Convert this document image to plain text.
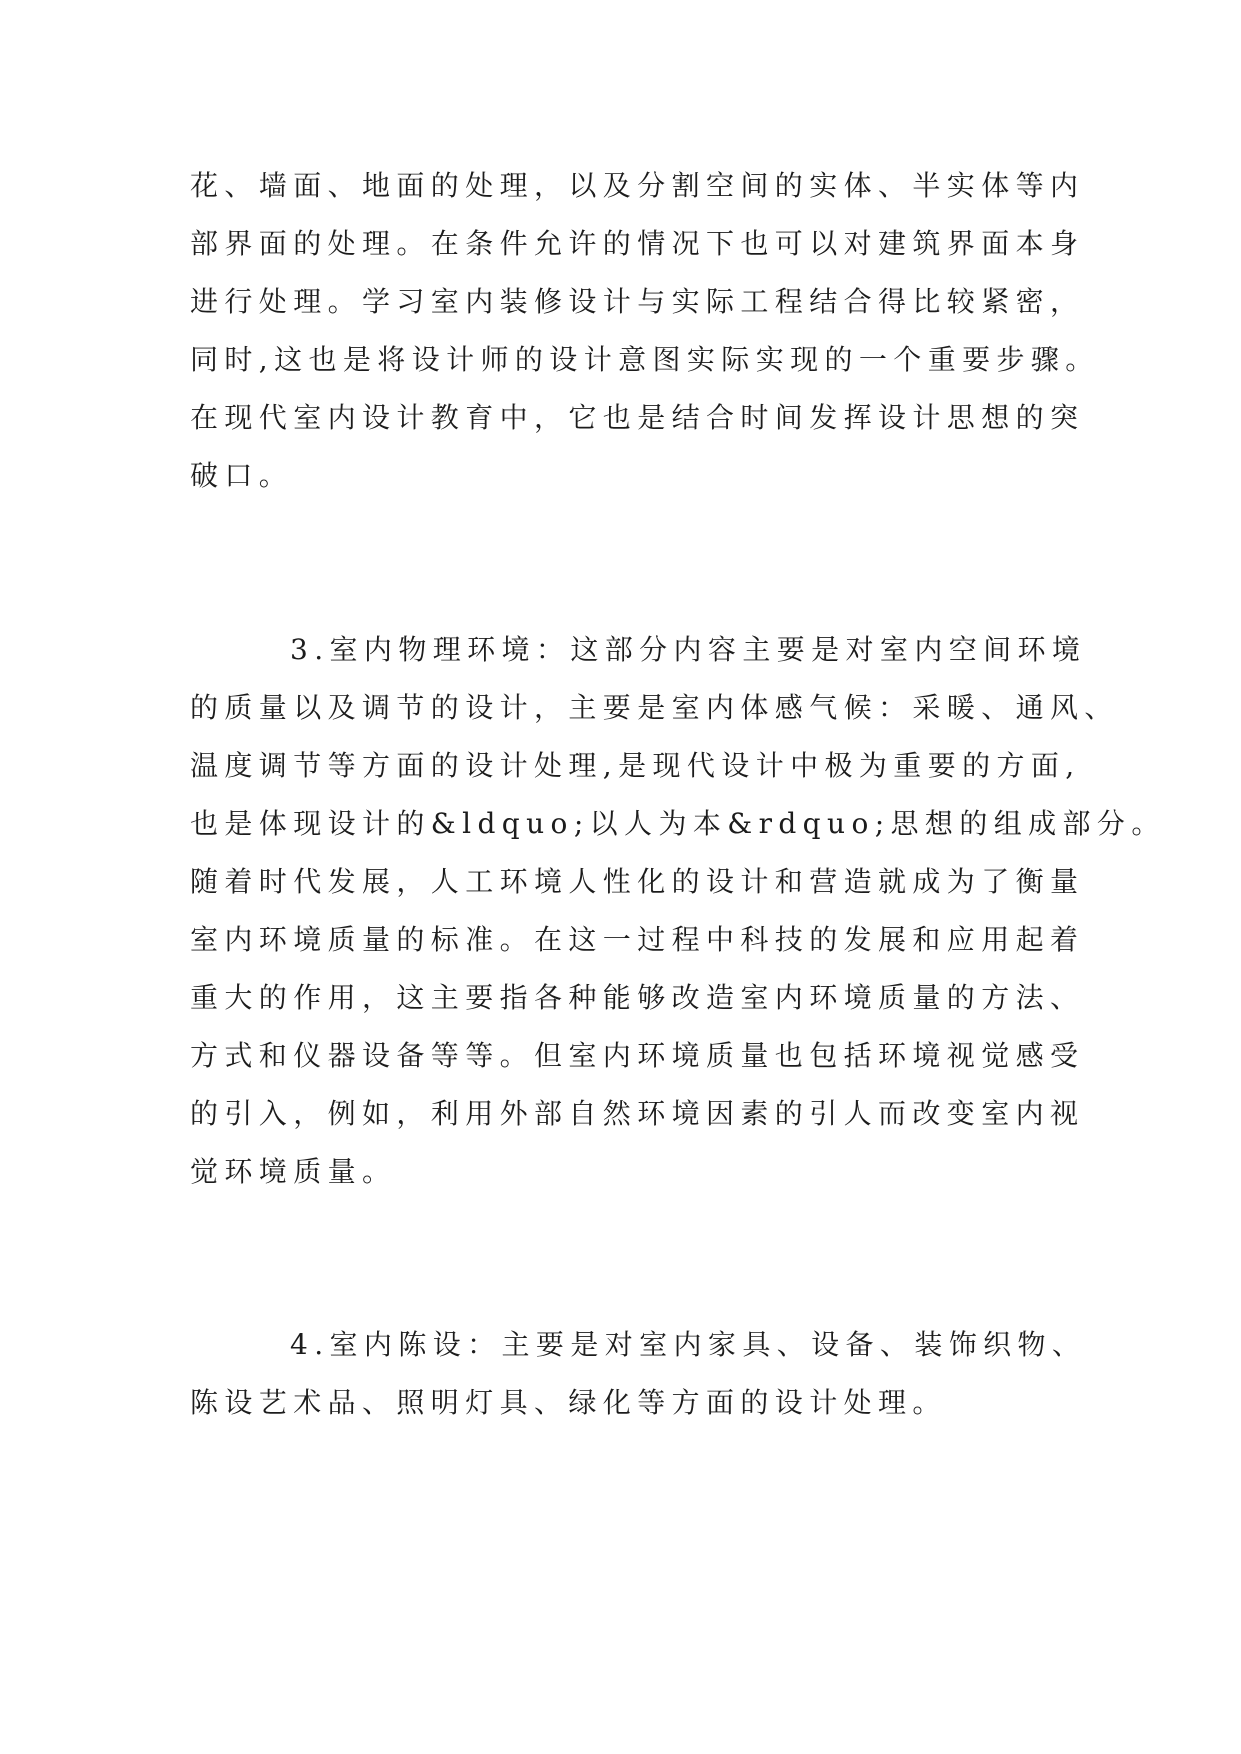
花、墙面、地面的处理，以及分割空间的实体、半实体等内
部界面的处理。在条件允许的情况下也可以对建筑界面本身
进行处理。学习室内装修设计与实际工程结合得比较紧密，
同时,这也是将设计师的设计意图实际实现的一个重要步骤。
在现代室内设计教育中，它也是结合时间发挥设计思想的突
破口。
3.室内物理环境：这部分内容主要是对室内空间环境
的质量以及调节的设计，主要是室内体感气候：采暖、通风、
温度调节等方面的设计处理,是现代设计中极为重要的方面,
也是体现设计的&ldquo;以人为本&rdquo;思想的组成部分。
随着时代发展，人工环境人性化的设计和营造就成为了衡量
室内环境质量的标准。在这一过程中科技的发展和应用起着
重大的作用，这主要指各种能够改造室内环境质量的方法、
方式和仪器设备等等。但室内环境质量也包括环境视觉感受
的引入，例如，利用外部自然环境因素的引人而改变室内视
觉环境质量。
4.室内陈设：主要是对室内家具、设备、装饰织物、
陈设艺术品、照明灯具、绿化等方面的设计处理。
